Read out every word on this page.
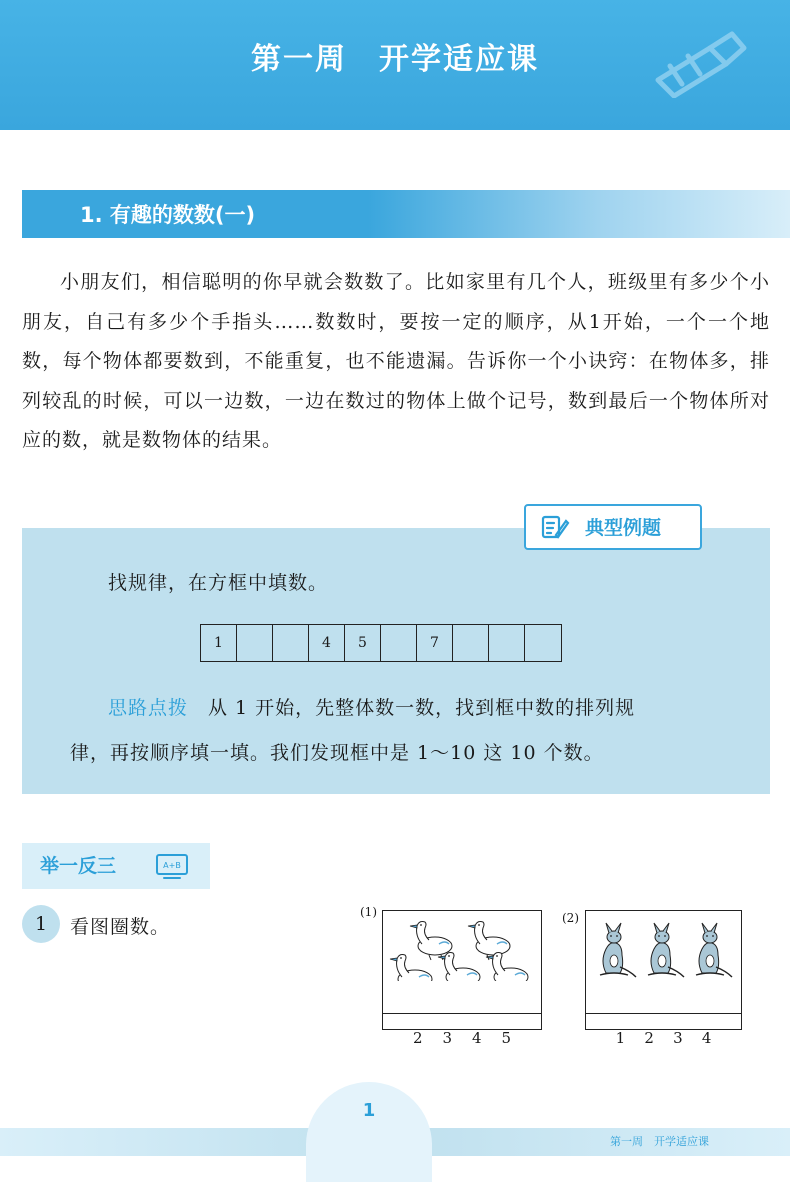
第一周　开学适应课
1. 有趣的数数(一)
小朋友们，相信聪明的你早就会数数了。比如家里有几个人，班级里有多少个小朋友，自己有多少个手指头……数数时，要按一定的顺序，从1开始，一个一个地数，每个物体都要数到，不能重复，也不能遗漏。告诉你一个小诀窍：在物体多，排列较乱的时候，可以一边数，一边在数过的物体上做个记号，数到最后一个物体所对应的数，就是数物体的结果。
典型例题
找规律，在方框中填数。
1	4	5	7
思路点拨 从 1 开始，先整体数一数，找到框中数的排列规
律，再按顺序填一填。我们发现框中是 1～10 这 10 个数。
举一反三	A+B
1	看图圈数。
(1)
2 3 4 5
(2)
1 2 3 4
1
第一周　开学适应课
